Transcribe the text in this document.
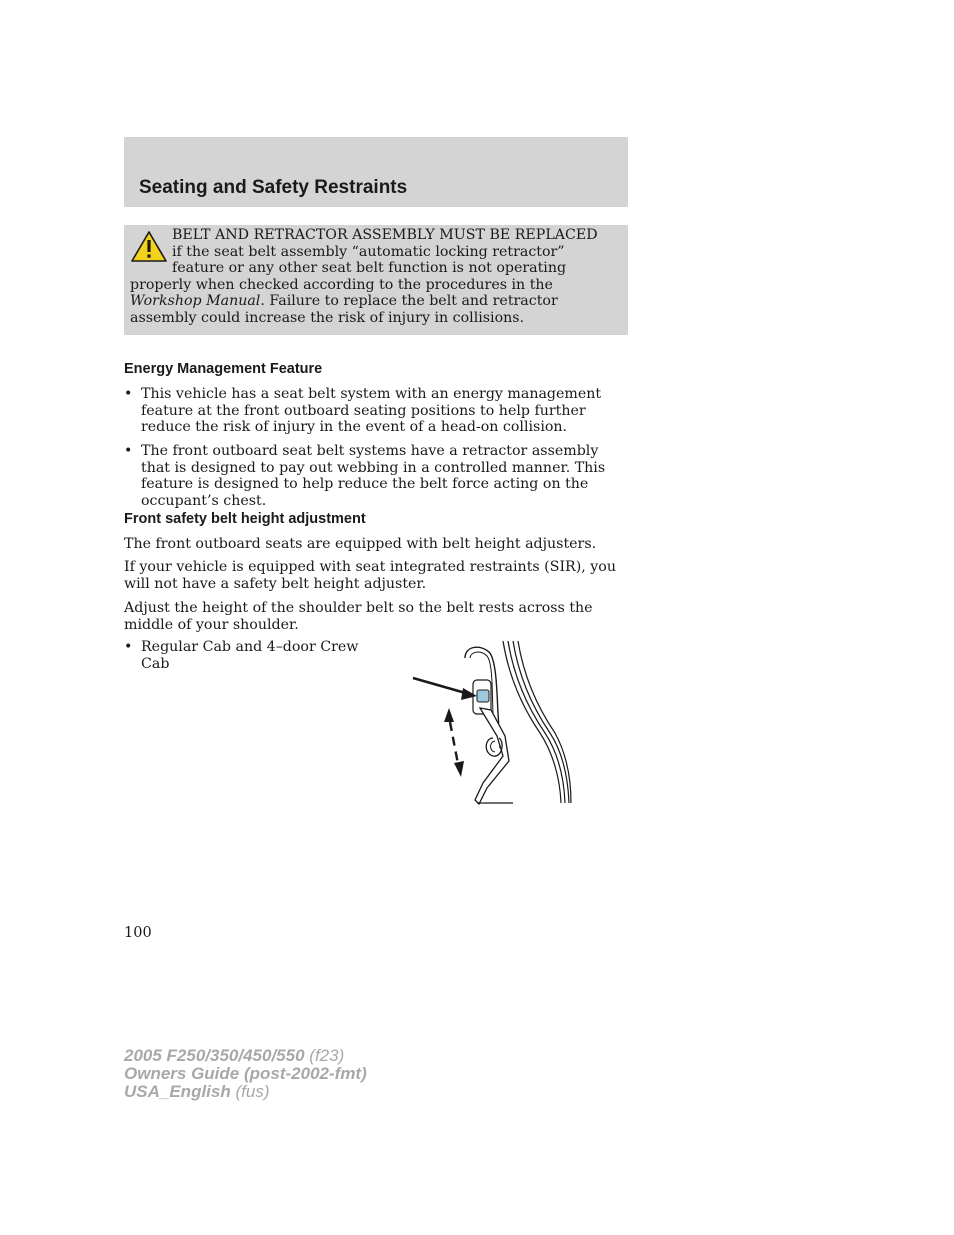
Seating and Safety Restraints
BELT AND RETRACTOR ASSEMBLY MUST BE REPLACED if the seat belt assembly “automatic locking retractor” feature or any other seat belt function is not operating properly when checked according to the procedures in the Workshop Manual. Failure to replace the belt and retractor assembly could increase the risk of injury in collisions.
Energy Management Feature
• This vehicle has a seat belt system with an energy management feature at the front outboard seating positions to help further reduce the risk of injury in the event of a head-on collision.
• The front outboard seat belt systems have a retractor assembly that is designed to pay out webbing in a controlled manner. This feature is designed to help reduce the belt force acting on the occupant’s chest.
Front safety belt height adjustment

The front outboard seats are equipped with belt height adjusters.

If your vehicle is equipped with seat integrated restraints (SIR), you will not have a safety belt height adjuster.

Adjust the height of the shoulder belt so the belt rests across the middle of your shoulder.

• Regular Cab and 4–door Crew Cab
100
2005 F250/350/450/550 (f23)
Owners Guide (post-2002-fmt)
USA_English (fus)
